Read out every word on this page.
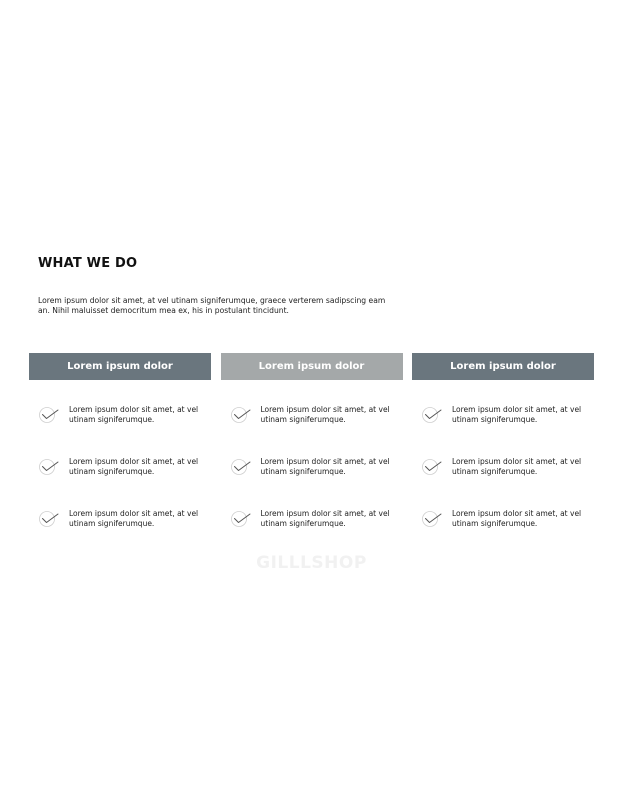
WHAT WE DO
Lorem ipsum dolor sit amet, at vel utinam signiferumque, graece verterem sadipscing eam an. Nihil maluisset democritum mea ex, his in postulant tincidunt.
Lorem ipsum dolor
Lorem ipsum dolor sit amet, at vel utinam signiferumque.
Lorem ipsum dolor sit amet, at vel utinam signiferumque.
Lorem ipsum dolor sit amet, at vel utinam signiferumque.
Lorem ipsum dolor
Lorem ipsum dolor sit amet, at vel utinam signiferumque.
Lorem ipsum dolor sit amet, at vel utinam signiferumque.
Lorem ipsum dolor sit amet, at vel utinam signiferumque.
Lorem ipsum dolor
Lorem ipsum dolor sit amet, at vel utinam signiferumque.
Lorem ipsum dolor sit amet, at vel utinam signiferumque.
Lorem ipsum dolor sit amet, at vel utinam signiferumque.
GILLLSHOP
